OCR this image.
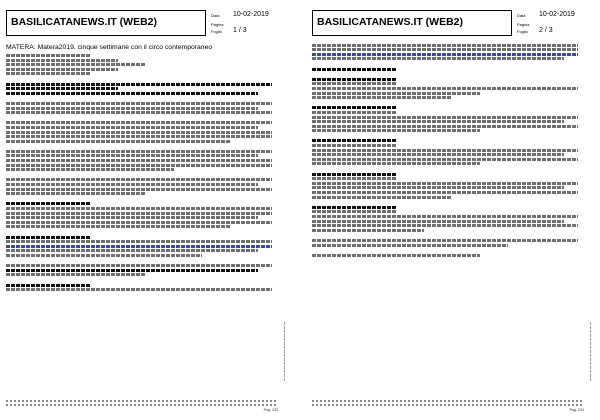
BASILICATANEWS.IT (WEB2)
Data 10-02-2019
Pagina
Foglio 1 / 3
MATERA: Matera2019, cinque settimane con il circo contemporaneo
Pag. 233
BASILICATANEWS.IT (WEB2)
Data 10-02-2019
Pagina
Foglio 2 / 3
Pag. 234
